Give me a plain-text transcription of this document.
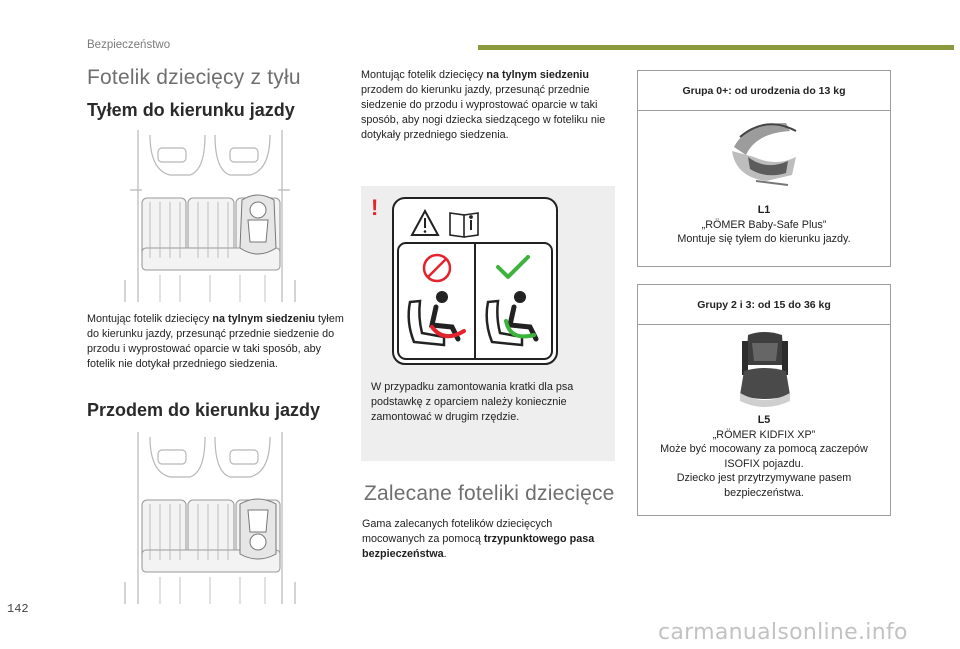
Bezpieczeństwo
Fotelik dziecięcy z tyłu
Tyłem do kierunku jazdy
Montując fotelik dziecięcy na tylnym siedzeniu tyłem do kierunku jazdy, przesunąć przednie siedzenie do przodu i wyprostować oparcie w taki sposób, aby fotelik nie dotykał przedniego siedzenia.
Przodem do kierunku jazdy
Montując fotelik dziecięcy na tylnym siedzeniu przodem do kierunku jazdy, przesunąć przednie siedzenie do przodu i wyprostować oparcie w taki sposób, aby nogi dziecka siedzącego w foteliku nie dotykały przedniego siedzenia.
!
W przypadku zamontowania kratki dla psa podstawkę z oparciem należy koniecznie zamontować w drugim rzędzie.
Zalecane foteliki dziecięce
Gama zalecanych fotelików dziecięcych mocowanych za pomocą trzypunktowego pasa bezpieczeństwa.
Grupa 0+: od urodzenia do 13 kg
L1
„RÖMER Baby-Safe Plus”
Montuje się tyłem do kierunku jazdy.
Grupy 2 i 3: od 15 do 36 kg
L5
„RÖMER KIDFIX XP”
Może być mocowany za pomocą zaczepów ISOFIX pojazdu.
Dziecko jest przytrzymywane pasem bezpieczeństwa.
142
carmanualsonline.info
